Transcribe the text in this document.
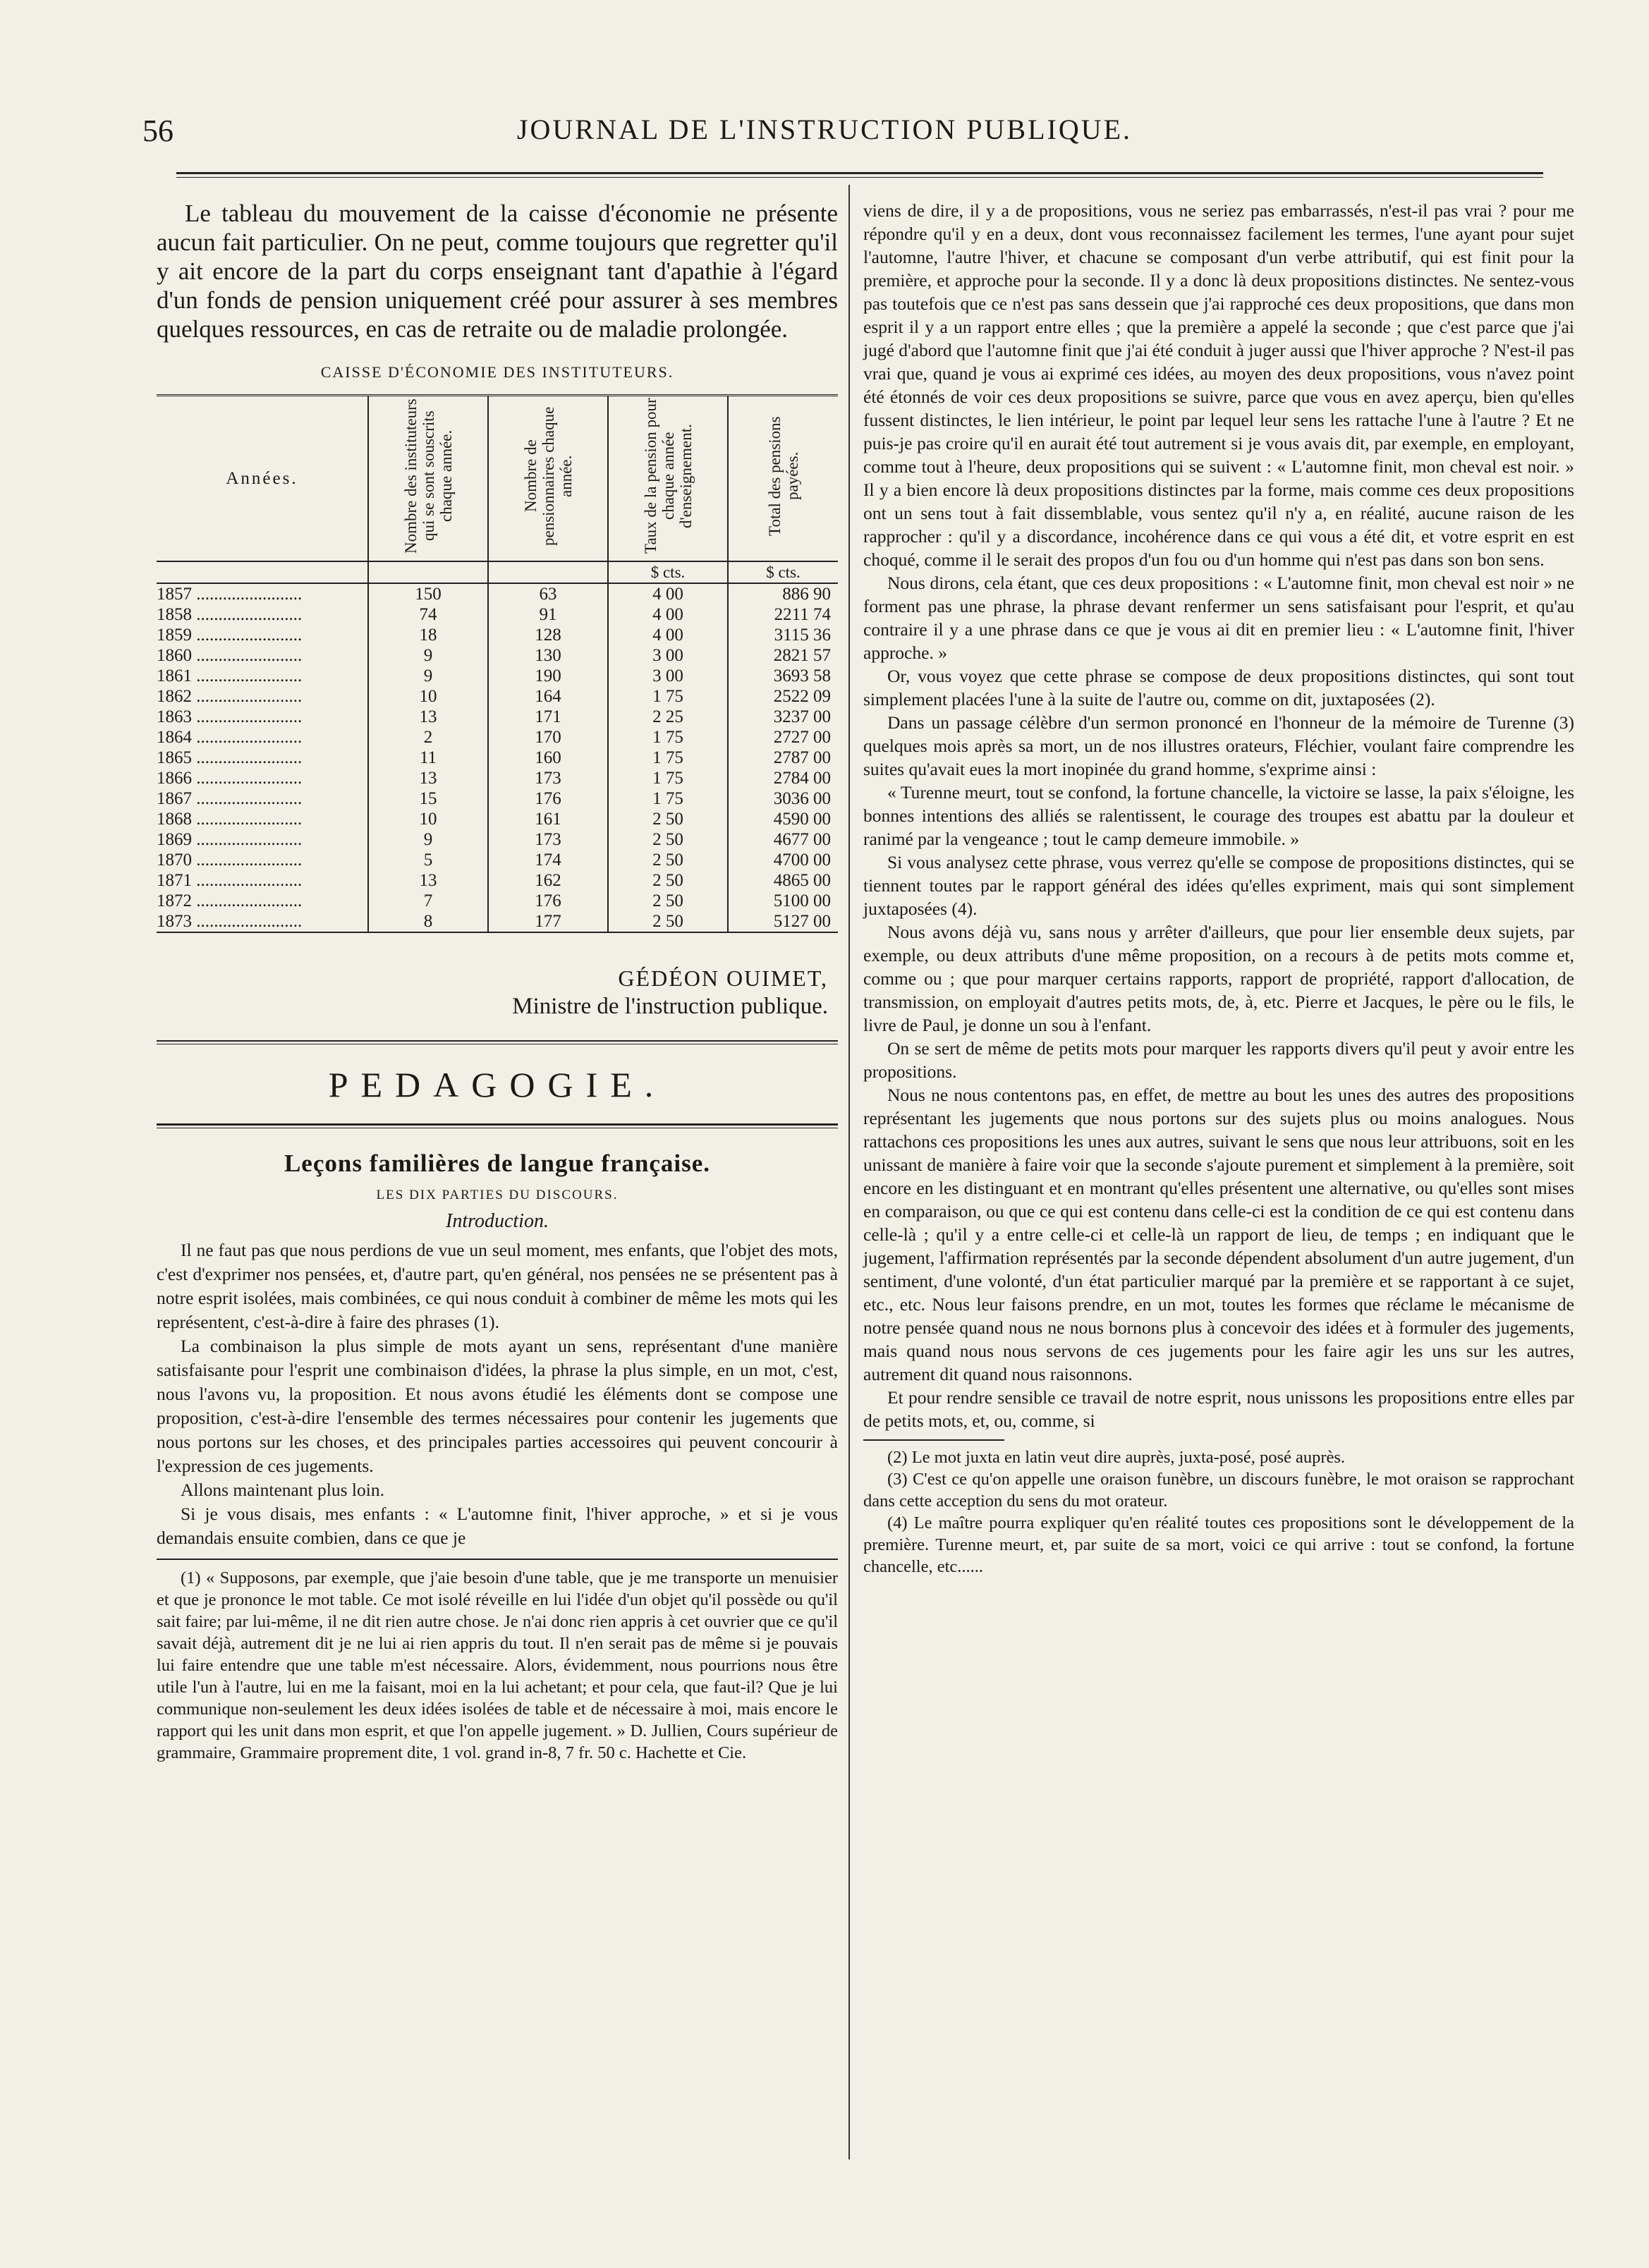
56	JOURNAL DE L'INSTRUCTION PUBLIQUE.

Le tableau du mouvement de la caisse d'économie ne présente aucun fait particulier. On ne peut, comme toujours que regretter qu'il y ait encore de la part du corps enseignant tant d'apathie à l'égard d'un fonds de pension uniquement créé pour assurer à ses membres quelques ressources, en cas de retraite ou de maladie prolongée.

CAISSE D'ÉCONOMIE DES INSTITUTEURS.
Années.	Nombre des instituteurs qui se sont souscrits chaque année.	Nombre de pensionnaires chaque année.	Taux de la pension pour chaque année d'enseignement.	Total des pensions payées.
			$ cts.	$ cts.
1857 ........................	150	63	4 00	886 90
1858 ........................	74	91	4 00	2211 74
1859 ........................	18	128	4 00	3115 36
1860 ........................	9	130	3 00	2821 57
1861 ........................	9	190	3 00	3693 58
1862 ........................	10	164	1 75	2522 09
1863 ........................	13	171	2 25	3237 00
1864 ........................	2	170	1 75	2727 00
1865 ........................	11	160	1 75	2787 00
1866 ........................	13	173	1 75	2784 00
1867 ........................	15	176	1 75	3036 00
1868 ........................	10	161	2 50	4590 00
1869 ........................	9	173	2 50	4677 00
1870 ........................	5	174	2 50	4700 00
1871 ........................	13	162	2 50	4865 00
1872 ........................	7	176	2 50	5100 00
1873 ........................	8	177	2 50	5127 00
GÉDÉON OUIMET,
Ministre de l'instruction publique.
PEDAGOGIE.
Leçons familières de langue française.
LES DIX PARTIES DU DISCOURS.
Introduction.

Il ne faut pas que nous perdions de vue un seul moment, mes enfants, que l'objet des mots, c'est d'exprimer nos pensées, et, d'autre part, qu'en général, nos pensées ne se présentent pas à notre esprit isolées, mais combinées, ce qui nous conduit à combiner de même les mots qui les représentent, c'est-à-dire à faire des phrases (1).

La combinaison la plus simple de mots ayant un sens, représentant d'une manière satisfaisante pour l'esprit une combinaison d'idées, la phrase la plus simple, en un mot, c'est, nous l'avons vu, la proposition. Et nous avons étudié les éléments dont se compose une proposition, c'est-à-dire l'ensemble des termes nécessaires pour contenir les jugements que nous portons sur les choses, et des principales parties accessoires qui peuvent concourir à l'expression de ces jugements.

Allons maintenant plus loin.

Si je vous disais, mes enfants : « L'automne finit, l'hiver approche, » et si je vous demandais ensuite combien, dans ce que je

(1) « Supposons, par exemple, que j'aie besoin d'une table, que je me transporte un menuisier et que je prononce le mot table. Ce mot isolé réveille en lui l'idée d'un objet qu'il possède ou qu'il sait faire; par lui-même, il ne dit rien autre chose. Je n'ai donc rien appris à cet ouvrier que ce qu'il savait déjà, autrement dit je ne lui ai rien appris du tout. Il n'en serait pas de même si je pouvais lui faire entendre que une table m'est nécessaire. Alors, évidemment, nous pourrions nous être utile l'un à l'autre, lui en me la faisant, moi en la lui achetant; et pour cela, que faut-il? Que je lui communique non-seulement les deux idées isolées de table et de nécessaire à moi, mais encore le rapport qui les unit dans mon esprit, et que l'on appelle jugement. » D. Jullien, Cours supérieur de grammaire, Grammaire proprement dite, 1 vol. grand in-8, 7 fr. 50 c. Hachette et Cie.

viens de dire, il y a de propositions, vous ne seriez pas embarrassés, n'est-il pas vrai ? pour me répondre qu'il y en a deux, dont vous reconnaissez facilement les termes, l'une ayant pour sujet l'automne, l'autre l'hiver, et chacune se composant d'un verbe attributif, qui est finit pour la première, et approche pour la seconde. Il y a donc là deux propositions distinctes. Ne sentez-vous pas toutefois que ce n'est pas sans dessein que j'ai rapproché ces deux propositions, que dans mon esprit il y a un rapport entre elles ; que la première a appelé la seconde ; que c'est parce que j'ai jugé d'abord que l'automne finit que j'ai été conduit à juger aussi que l'hiver approche ? N'est-il pas vrai que, quand je vous ai exprimé ces idées, au moyen des deux propositions, vous n'avez point été étonnés de voir ces deux propositions se suivre, parce que vous en avez aperçu, bien qu'elles fussent distinctes, le lien intérieur, le point par lequel leur sens les rattache l'une à l'autre ? Et ne puis-je pas croire qu'il en aurait été tout autrement si je vous avais dit, par exemple, en employant, comme tout à l'heure, deux propositions qui se suivent : « L'automne finit, mon cheval est noir. » Il y a bien encore là deux propositions distinctes par la forme, mais comme ces deux propositions ont un sens tout à fait dissemblable, vous sentez qu'il n'y a, en réalité, aucune raison de les rapprocher : qu'il y a discordance, incohérence dans ce qui vous a été dit, et votre esprit en est choqué, comme il le serait des propos d'un fou ou d'un homme qui n'est pas dans son bon sens.

Nous dirons, cela étant, que ces deux propositions : « L'automne finit, mon cheval est noir » ne forment pas une phrase, la phrase devant renfermer un sens satisfaisant pour l'esprit, et qu'au contraire il y a une phrase dans ce que je vous ai dit en premier lieu : « L'automne finit, l'hiver approche. »

Or, vous voyez que cette phrase se compose de deux propositions distinctes, qui sont tout simplement placées l'une à la suite de l'autre ou, comme on dit, juxtaposées (2).

Dans un passage célèbre d'un sermon prononcé en l'honneur de la mémoire de Turenne (3) quelques mois après sa mort, un de nos illustres orateurs, Fléchier, voulant faire comprendre les suites qu'avait eues la mort inopinée du grand homme, s'exprime ainsi :

« Turenne meurt, tout se confond, la fortune chancelle, la victoire se lasse, la paix s'éloigne, les bonnes intentions des alliés se ralentissent, le courage des troupes est abattu par la douleur et ranimé par la vengeance ; tout le camp demeure immobile. »

Si vous analysez cette phrase, vous verrez qu'elle se compose de propositions distinctes, qui se tiennent toutes par le rapport général des idées qu'elles expriment, mais qui sont simplement juxtaposées (4).

Nous avons déjà vu, sans nous y arrêter d'ailleurs, que pour lier ensemble deux sujets, par exemple, ou deux attributs d'une même proposition, on a recours à de petits mots comme et, comme ou ; que pour marquer certains rapports, rapport de propriété, rapport d'allocation, de transmission, on employait d'autres petits mots, de, à, etc. Pierre et Jacques, le père ou le fils, le livre de Paul, je donne un sou à l'enfant.

On se sert de même de petits mots pour marquer les rapports divers qu'il peut y avoir entre les propositions.

Nous ne nous contentons pas, en effet, de mettre au bout les unes des autres des propositions représentant les jugements que nous portons sur des sujets plus ou moins analogues. Nous rattachons ces propositions les unes aux autres, suivant le sens que nous leur attribuons, soit en les unissant de manière à faire voir que la seconde s'ajoute purement et simplement à la première, soit encore en les distinguant et en montrant qu'elles présentent une alternative, ou qu'elles sont mises en comparaison, ou que ce qui est contenu dans celle-ci est la condition de ce qui est contenu dans celle-là ; qu'il y a entre celle-ci et celle-là un rapport de lieu, de temps ; en indiquant que le jugement, l'affirmation représentés par la seconde dépendent absolument d'un autre jugement, d'un sentiment, d'une volonté, d'un état particulier marqué par la première et se rapportant à ce sujet, etc., etc. Nous leur faisons prendre, en un mot, toutes les formes que réclame le mécanisme de notre pensée quand nous ne nous bornons plus à concevoir des idées et à formuler des jugements, mais quand nous nous servons de ces jugements pour les faire agir les uns sur les autres, autrement dit quand nous raisonnons.

Et pour rendre sensible ce travail de notre esprit, nous unissons les propositions entre elles par de petits mots, et, ou, comme, si

(2) Le mot juxta en latin veut dire auprès, juxta-posé, posé auprès.

(3) C'est ce qu'on appelle une oraison funèbre, un discours funèbre, le mot oraison se rapprochant dans cette acception du sens du mot orateur.

(4) Le maître pourra expliquer qu'en réalité toutes ces propositions sont le développement de la première. Turenne meurt, et, par suite de sa mort, voici ce qui arrive : tout se confond, la fortune chancelle, etc......
